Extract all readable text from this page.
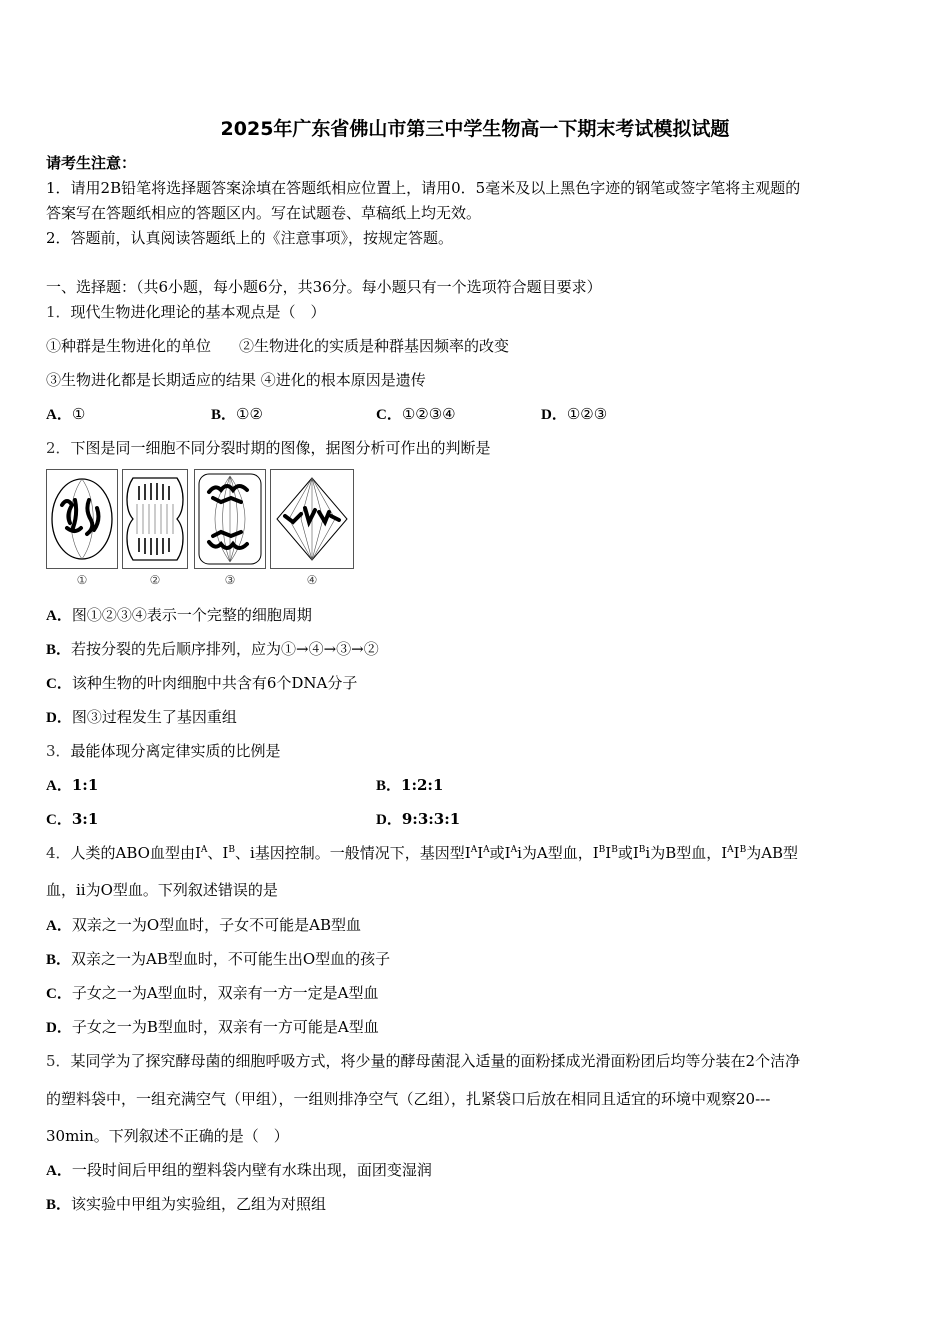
2025年广东省佛山市第三中学生物高一下期末考试模拟试题
请考生注意：
1．请用2B铅笔将选择题答案涂填在答题纸相应位置上，请用0．5毫米及以上黑色字迹的钢笔或签字笔将主观题的
答案写在答题纸相应的答题区内。写在试题卷、草稿纸上均无效。
2．答题前，认真阅读答题纸上的《注意事项》，按规定答题。
一、选择题：（共6小题，每小题6分，共36分。每小题只有一个选项符合题目要求）
1．现代生物进化理论的基本观点是（　）
①种群是生物进化的单位 ②生物进化的实质是种群基因频率的改变
③生物进化都是长期适应的结果 ④进化的根本原因是遗传
A．①	B．①②	C．①②③④	D．①②③
2．下图是同一细胞不同分裂时期的图像，据图分析可作出的判断是
①	②	③	④
A．图①②③④表示一个完整的细胞周期
B．若按分裂的先后顺序排列，应为①→④→③→②
C．该种生物的叶肉细胞中共含有6个DNA分子
D．图③过程发生了基因重组
3．最能体现分离定律实质的比例是
A．1:1	B．1:2:1
C．3:1	D．9:3:3:1
4．人类的ABO血型由$I^A$、$I^B$、i基因控制。一般情况下，基因型$I^AI^A$或$I^Ai$为A型血，$I^BI^B$或$I^Bi$为B型血，$I^AI^B$为AB型
血，ii为O型血。下列叙述错误的是
A．双亲之一为O型血时，子女不可能是AB型血
B．双亲之一为AB型血时，不可能生出O型血的孩子
C．子女之一为A型血时，双亲有一方一定是A型血
D．子女之一为B型血时，双亲有一方可能是A型血
5．某同学为了探究酵母菌的细胞呼吸方式，将少量的酵母菌混入适量的面粉揉成光滑面粉团后均等分装在2个洁净
的塑料袋中，一组充满空气（甲组），一组则排净空气（乙组），扎紧袋口后放在相同且适宜的环境中观察20---
30min。下列叙述不正确的是（　）
A．一段时间后甲组的塑料袋内壁有水珠出现，面团变湿润
B．该实验中甲组为实验组，乙组为对照组
